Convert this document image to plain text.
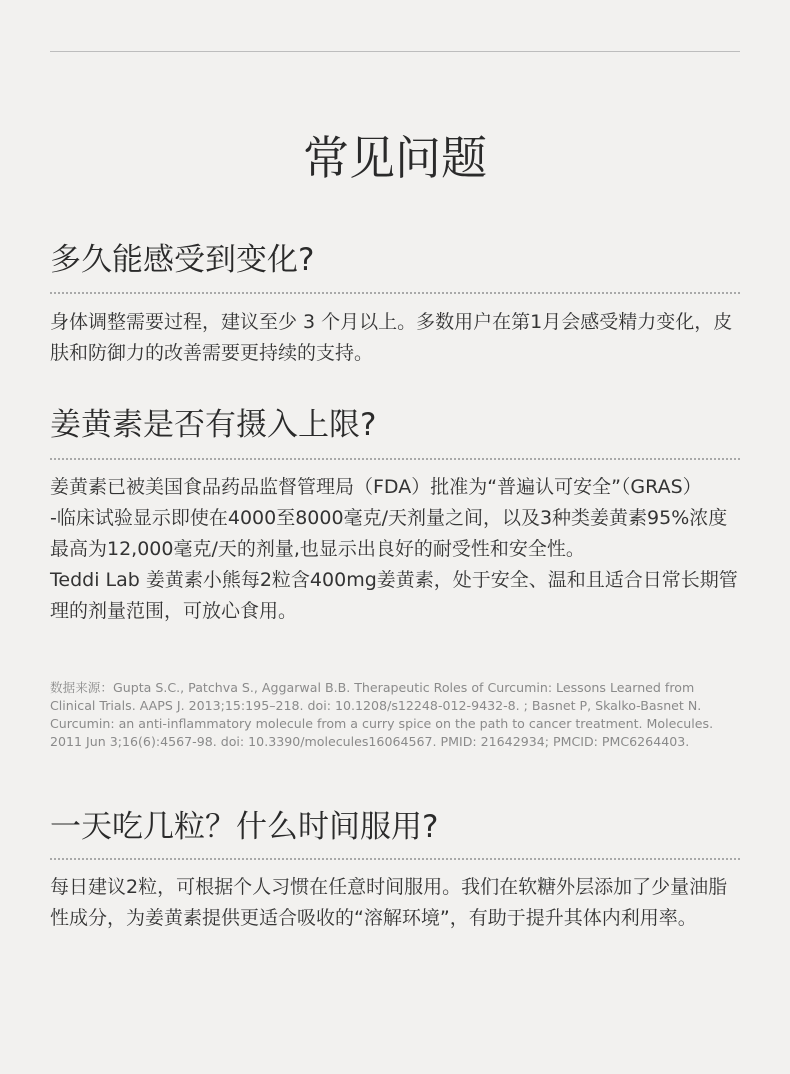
常见问题
多久能感受到变化?

身体调整需要过程，建议至少 3 个月以上。多数用户在第1月会感受精力变化，皮肤和防御力的改善需要更持续的支持。

姜黄素是否有摄入上限?

姜黄素已被美国食品药品监督管理局（FDA）批准为“普遍认可安全”（GRAS）

-临床试验显示即使在4000至8000毫克/天剂量之间，以及3种类姜黄素95%浓度最高为12,000毫克/天的剂量,也显示出良好的耐受性和安全性。

Teddi Lab 姜黄素小熊每2粒含400mg姜黄素，处于安全、温和且适合日常长期管理的剂量范围，可放心食用。

数据来源：Gupta S.C., Patchva S., Aggarwal B.B. Therapeutic Roles of Curcumin: Lessons Learned from Clinical Trials. AAPS J. 2013;15:195–218. doi: 10.1208/s12248-012-9432-8. ; Basnet P, Skalko-Basnet N. Curcumin: an anti-inflammatory molecule from a curry spice on the path to cancer treatment. Molecules. 2011 Jun 3;16(6):4567-98. doi: 10.3390/molecules16064567. PMID: 21642934; PMCID: PMC6264403.

一天吃几粒？什么时间服用?

每日建议2粒，可根据个人习惯在任意时间服用。我们在软糖外层添加了少量油脂性成分，为姜黄素提供更适合吸收的“溶解环境”，有助于提升其体内利用率。
